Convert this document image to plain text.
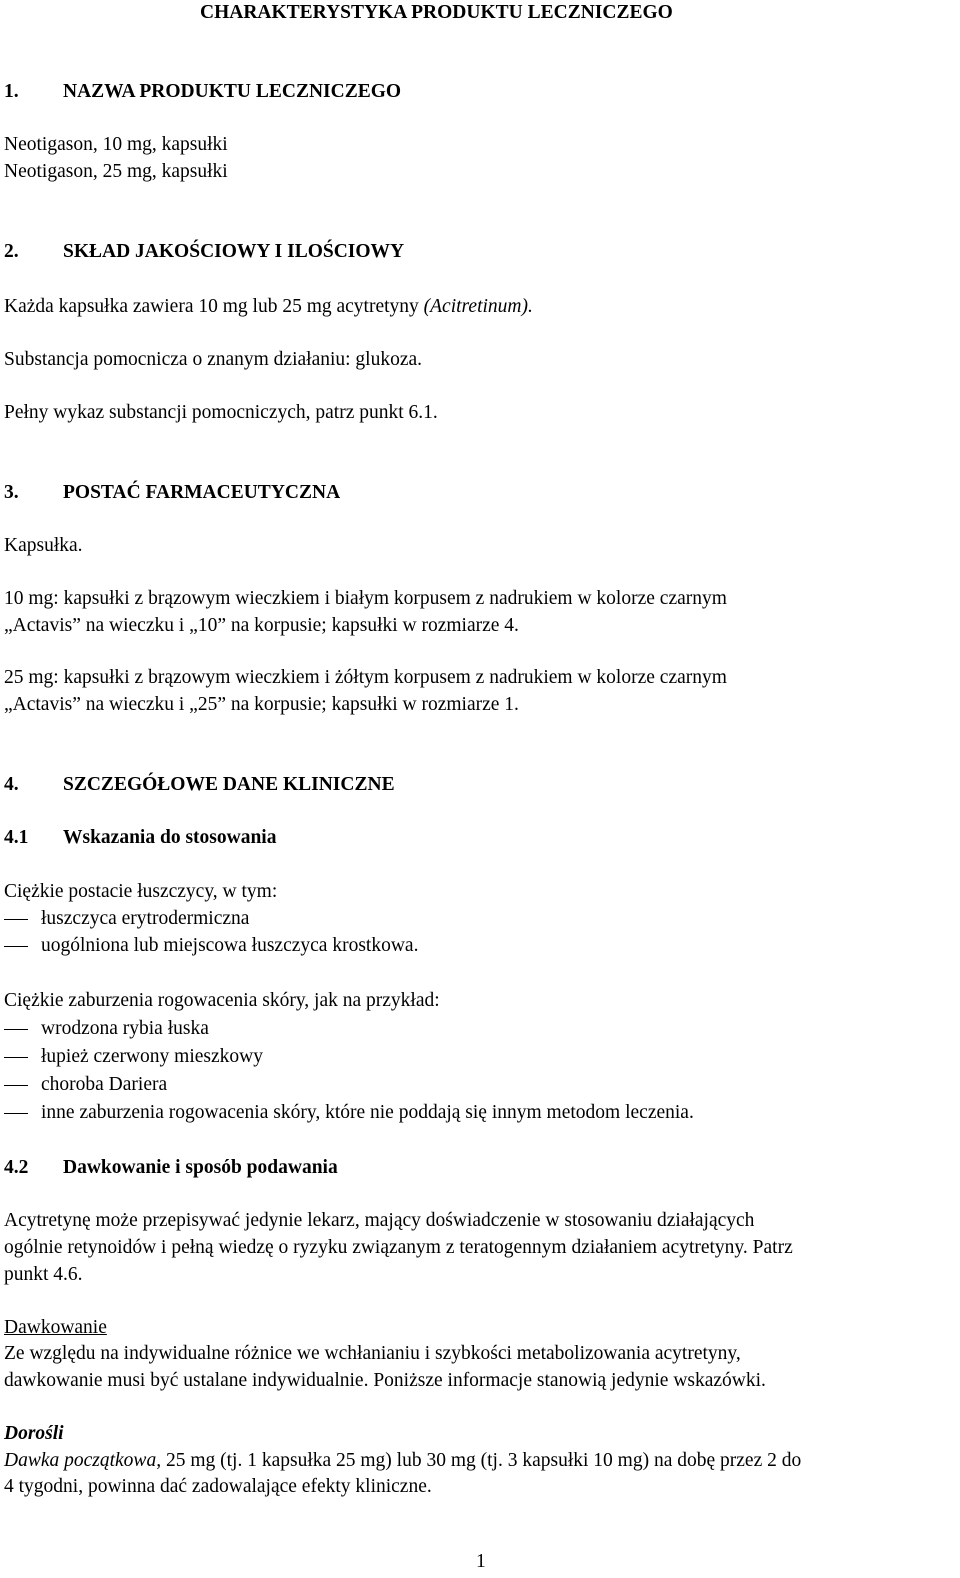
CHARAKTERYSTYKA PRODUKTU LECZNICZEGO
1. NAZWA PRODUKTU LECZNICZEGO
Neotigason, 10 mg, kapsułki
Neotigason, 25 mg, kapsułki
2. SKŁAD JAKOŚCIOWY I ILOŚCIOWY
Każda kapsułka zawiera 10 mg lub 25 mg acytretyny (Acitretinum).
Substancja pomocnicza o znanym działaniu: glukoza.
Pełny wykaz substancji pomocniczych, patrz punkt 6.1.
3. POSTAĆ FARMACEUTYCZNA
Kapsułka.
10 mg: kapsułki z brązowym wieczkiem i białym korpusem z nadrukiem w kolorze czarnym
„Actavis” na wieczku i „10” na korpusie; kapsułki w rozmiarze 4.
25 mg: kapsułki z brązowym wieczkiem i żółtym korpusem z nadrukiem w kolorze czarnym
„Actavis” na wieczku i „25” na korpusie; kapsułki w rozmiarze 1.
4. SZCZEGÓŁOWE DANE KLINICZNE
4.1 Wskazania do stosowania
Ciężkie postacie łuszczycy, w tym:
łuszczyca erytrodermiczna
uogólniona lub miejscowa łuszczyca krostkowa.
Ciężkie zaburzenia rogowacenia skóry, jak na przykład:
wrodzona rybia łuska
łupież czerwony mieszkowy
choroba Dariera
inne zaburzenia rogowacenia skóry, które nie poddają się innym metodom leczenia.
4.2 Dawkowanie i sposób podawania
Acytretynę może przepisywać jedynie lekarz, mający doświadczenie w stosowaniu działających
ogólnie retynoidów i pełną wiedzę o ryzyku związanym z teratogennym działaniem acytretyny. Patrz
punkt 4.6.
Dawkowanie
Ze względu na indywidualne różnice we wchłanianiu i szybkości metabolizowania acytretyny,
dawkowanie musi być ustalane indywidualnie. Poniższe informacje stanowią jedynie wskazówki.
Dorośli
Dawka początkowa, 25 mg (tj. 1 kapsułka 25 mg) lub 30 mg (tj. 3 kapsułki 10 mg) na dobę przez 2 do
4 tygodni, powinna dać zadowalające efekty kliniczne.
1
